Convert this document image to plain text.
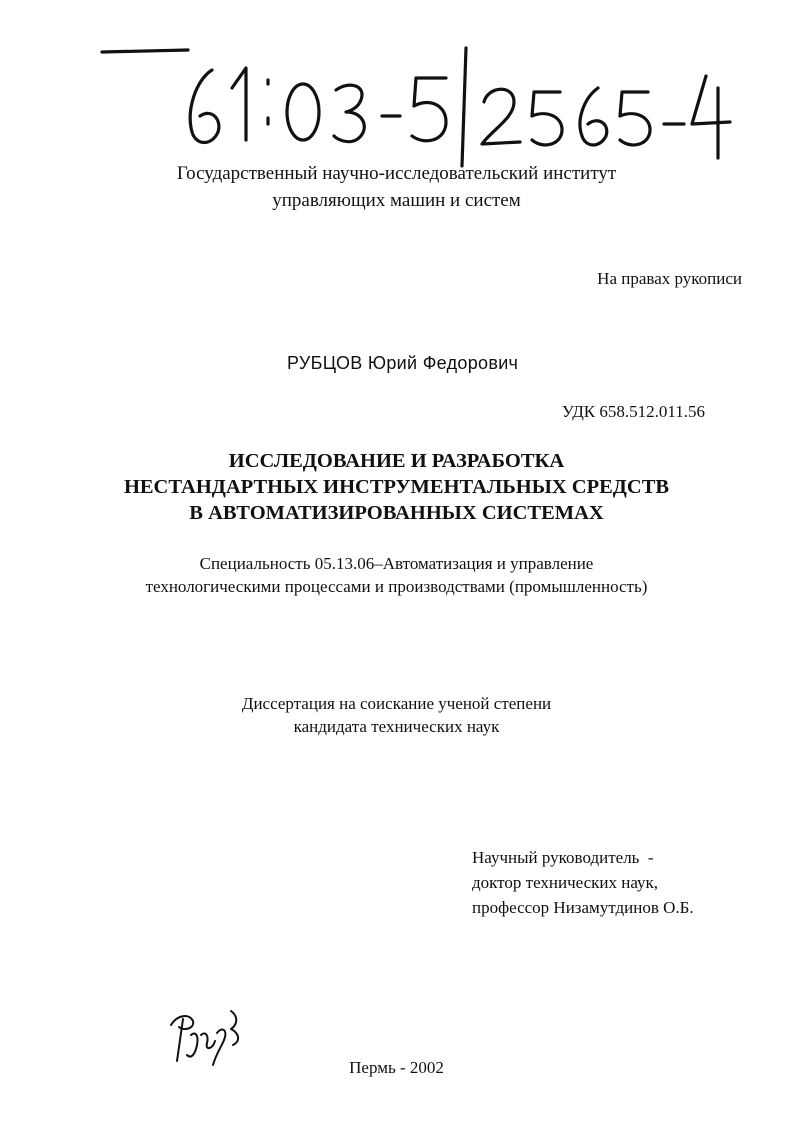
Государственный научно-исследовательский институт
управляющих машин и систем
На правах рукописи
РУБЦОВ Юрий Федорович
УДК 658.512.011.56
ИССЛЕДОВАНИЕ И РАЗРАБОТКА
НЕСТАНДАРТНЫХ ИНСТРУМЕНТАЛЬНЫХ СРЕДСТВ
В АВТОМАТИЗИРОВАННЫХ СИСТЕМАХ
Специальность 05.13.06–Автоматизация и управление
технологическими процессами и производствами (промышленность)
Диссертация на соискание ученой степени
кандидата технических наук
Научный руководитель  -
доктор технических наук,
профессор Низамутдинов О.Б.
Пермь - 2002
